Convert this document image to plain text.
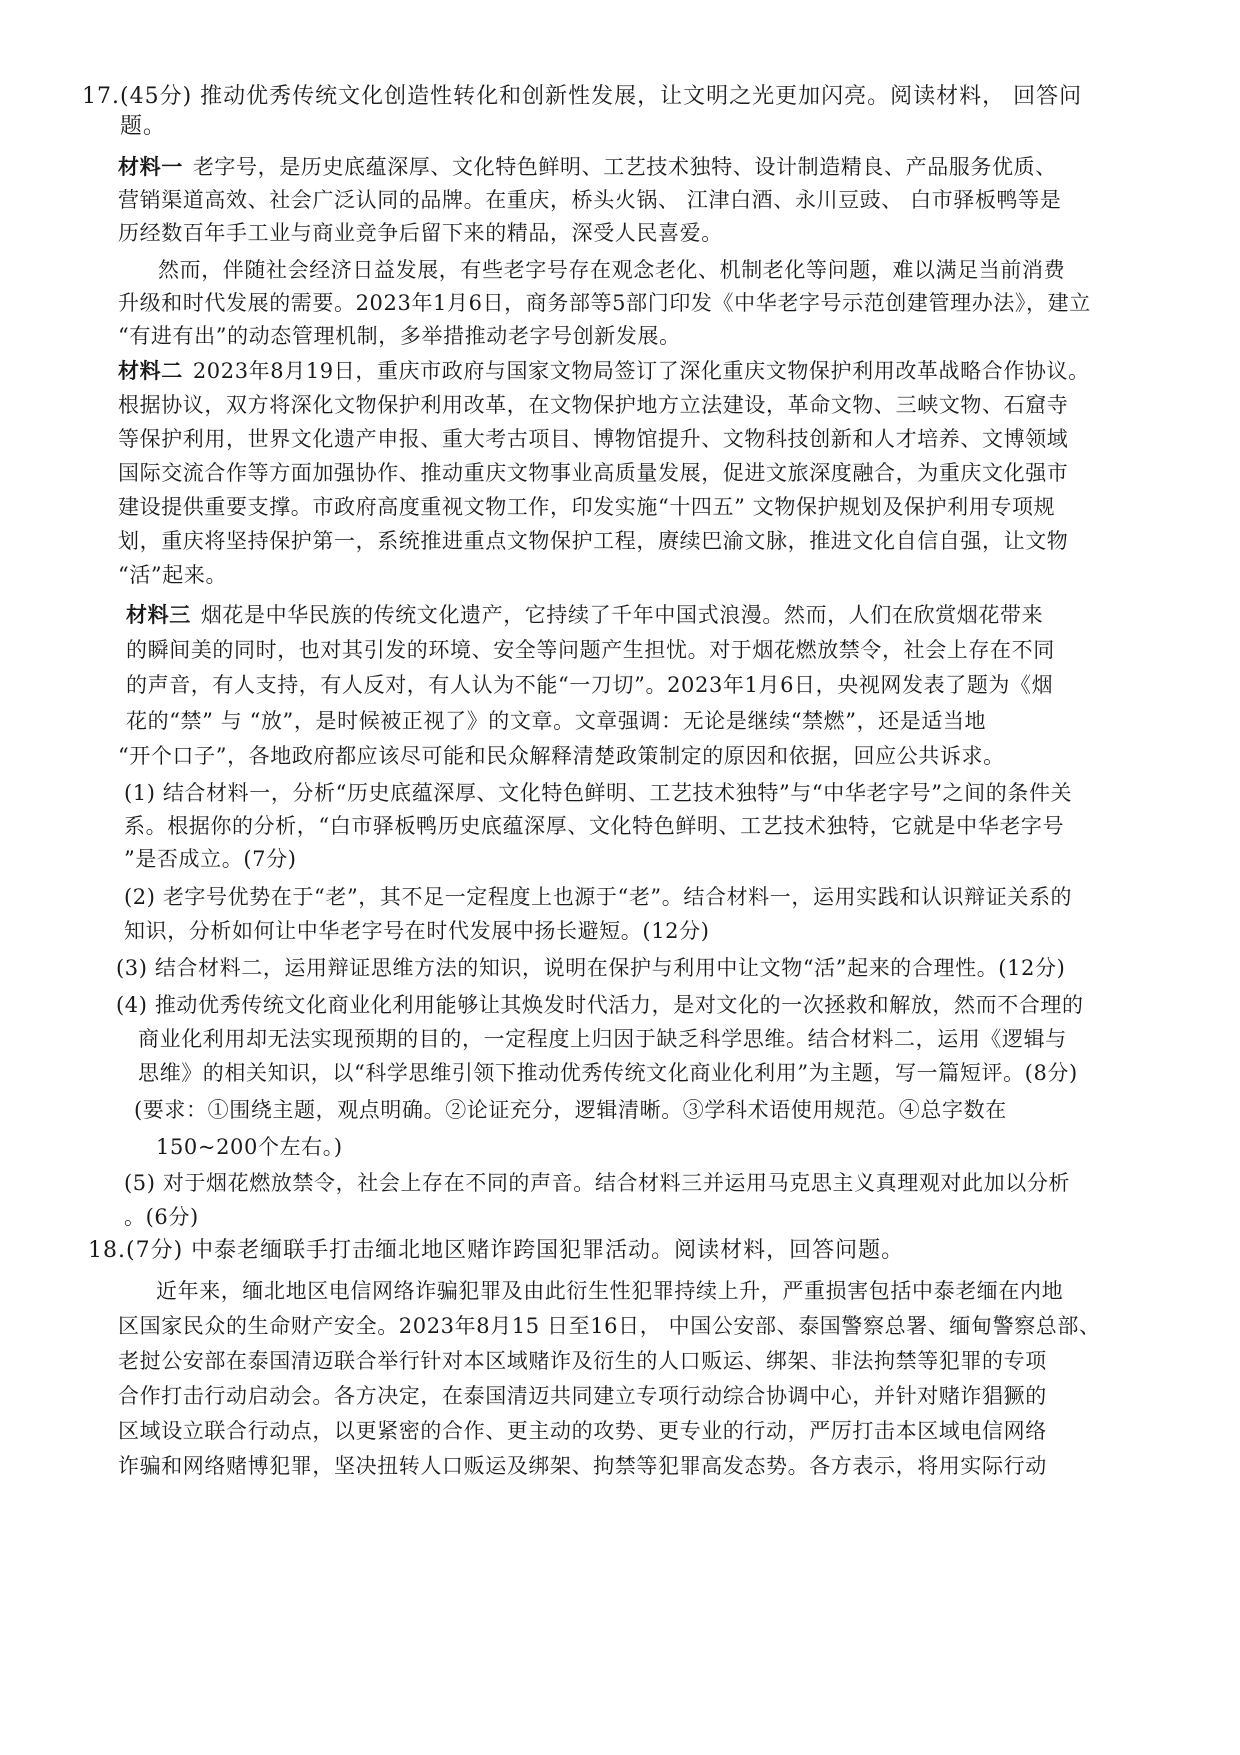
17.(45分) 推动优秀传统文化创造性转化和创新性发展，让文明之光更加闪亮。阅读材料， 回答问
题。
材料一 老字号，是历史底蕴深厚、文化特色鲜明、工艺技术独特、设计制造精良、产品服务优质、
营销渠道高效、社会广泛认同的品牌。在重庆，桥头火锅、 江津白酒、永川豆豉、 白市驿板鸭等是
历经数百年手工业与商业竞争后留下来的精品，深受人民喜爱。
然而，伴随社会经济日益发展，有些老字号存在观念老化、机制老化等问题，难以满足当前消费
升级和时代发展的需要。2023年1月6日，商务部等5部门印发《中华老字号示范创建管理办法》，建立
“有进有出”的动态管理机制，多举措推动老字号创新发展。
材料二 2023年8月19日，重庆市政府与国家文物局签订了深化重庆文物保护利用改革战略合作协议。
根据协议，双方将深化文物保护利用改革，在文物保护地方立法建设，革命文物、三峡文物、石窟寺
等保护利用，世界文化遗产申报、重大考古项目、博物馆提升、文物科技创新和人才培养、文博领域
国际交流合作等方面加强协作、推动重庆文物事业高质量发展，促进文旅深度融合，为重庆文化强市
建设提供重要支撑。市政府高度重视文物工作，印发实施“十四五” 文物保护规划及保护利用专项规
划，重庆将坚持保护第一，系统推进重点文物保护工程，赓续巴渝文脉，推进文化自信自强，让文物
“活”起来。
材料三 烟花是中华民族的传统文化遗产，它持续了千年中国式浪漫。然而，人们在欣赏烟花带来
的瞬间美的同时，也对其引发的环境、安全等问题产生担忧。对于烟花燃放禁令，社会上存在不同
的声音，有人支持，有人反对，有人认为不能“一刀切”。2023年1月6日，央视网发表了题为《烟
花的“禁” 与 “放”，是时候被正视了》的文章。文章强调：无论是继续“禁燃”，还是适当地
“开个口子”，各地政府都应该尽可能和民众解释清楚政策制定的原因和依据，回应公共诉求。
(1) 结合材料一，分析“历史底蕴深厚、文化特色鲜明、工艺技术独特”与“中华老字号”之间的条件关
系。根据你的分析，“白市驿板鸭历史底蕴深厚、文化特色鲜明、工艺技术独特，它就是中华老字号
”是否成立。(7分)
(2) 老字号优势在于“老”，其不足一定程度上也源于“老”。结合材料一，运用实践和认识辩证关系的
知识，分析如何让中华老字号在时代发展中扬长避短。(12分)
(3) 结合材料二，运用辩证思维方法的知识，说明在保护与利用中让文物“活”起来的合理性。(12分)
(4) 推动优秀传统文化商业化利用能够让其焕发时代活力，是对文化的一次拯救和解放，然而不合理的
商业化利用却无法实现预期的目的，一定程度上归因于缺乏科学思维。结合材料二，运用《逻辑与
思维》的相关知识，以“科学思维引领下推动优秀传统文化商业化利用”为主题，写一篇短评。(8分)
(要求：①围绕主题，观点明确。②论证充分，逻辑清晰。③学科术语使用规范。④总字数在
150~200个左右。)
(5) 对于烟花燃放禁令，社会上存在不同的声音。结合材料三并运用马克思主义真理观对此加以分析
。(6分)
18.(7分) 中泰老缅联手打击缅北地区赌诈跨国犯罪活动。阅读材料，回答问题。
近年来，缅北地区电信网络诈骗犯罪及由此衍生性犯罪持续上升，严重损害包括中泰老缅在内地
区国家民众的生命财产安全。2023年8月15 日至16日， 中国公安部、泰国警察总署、缅甸警察总部、
老挝公安部在泰国清迈联合举行针对本区域赌诈及衍生的人口贩运、绑架、非法拘禁等犯罪的专项
合作打击行动启动会。各方决定，在泰国清迈共同建立专项行动综合协调中心，并针对赌诈猖獗的
区域设立联合行动点，以更紧密的合作、更主动的攻势、更专业的行动，严厉打击本区域电信网络
诈骗和网络赌博犯罪，坚决扭转人口贩运及绑架、拘禁等犯罪高发态势。各方表示，将用实际行动
